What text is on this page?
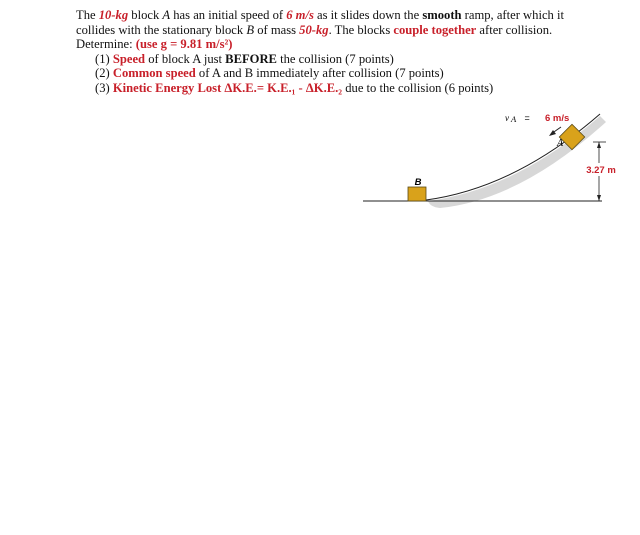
The 10-kg block A has an initial speed of 6 m/s as it slides down the smooth ramp, after which it collides with the stationary block B of mass 50-kg. The blocks couple together after collision.

Determine: (use g = 9.81 m/s²)

(1) Speed of block A just BEFORE the collision (7 points)
(2) Common speed of A and B immediately after collision (7 points)
(3) Kinetic Energy Lost ΔK.E.= K.E.₁ - ΔK.E.₂ due to the collision (6 points)
B
A
A
v = 6 m/s
3.27 m
